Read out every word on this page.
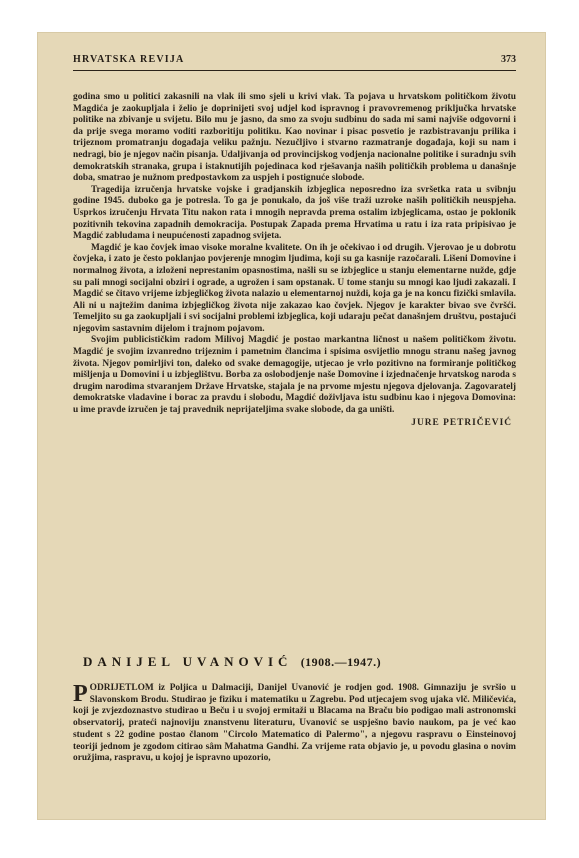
HRVATSKA REVIJA	373

godina smo u politici zakasnili na vlak ili smo sjeli u krivi vlak. Ta pojava u hrvatskom političkom životu Magdića je zaokupljala i želio je doprinijeti svoj udjel kod ispravnog i pravovremenog priključka hrvatske politike na zbivanje u svijetu. Bilo mu je jasno, da smo za svoju sudbinu do sada mi sami najviše odgovorni i da prije svega moramo voditi razboritiju politiku. Kao novinar i pisac posvetio je razbistravanju prilika i trijeznom promatranju događaja veliku pažnju. Nezučljivo i stvarno razmatranje događaja, koji su nam i nedragi, bio je njegov način pisanja. Udaljivanja od provincijskog vodjenja nacionalne politike i suradnju svih demokratskih stranaka, grupa i istaknutijih pojedinaca kod rješavanja naših političkih problema u današnje doba, smatrao je nužnom predpostavkom za uspjeh i postignuće slobode.

Tragedija izručenja hrvatske vojske i gradjanskih izbjeglica neposredno iza svršetka rata u svibnju godine 1945. duboko ga je potresla. To ga je ponukalo, da još više traži uzroke naših političkih neuspjeha. Usprkos izručenju Hrvata Titu nakon rata i mnogih nepravda prema ostalim izbjeglicama, ostao je poklonik pozitivnih tekovina zapadnih demokracija. Postupak Zapada prema Hrvatima u ratu i iza rata pripisivao je Magdić zabludama i neupućenosti zapadnog svijeta.

Magdić je kao čovjek imao visoke moralne kvalitete. On ih je očekivao i od drugih. Vjerovao je u dobrotu čovjeka, i zato je često poklanjao povjerenje mnogim ljudima, koji su ga kasnije razočarali. Lišeni Domovine i normalnog života, a izloženi neprestanim opasnostima, našli su se izbjeglice u stanju elementarne nužde, gdje su pali mnogi socijalni obziri i ograde, a ugrožen i sam opstanak. U tome stanju su mnogi kao ljudi zakazali. I Magdić se čitavo vrijeme izbjegličkog života nalazio u elementarnoj nuždi, koja ga je na koncu fizički smlavila. Ali ni u najtežim danima izbjegličkog života nije zakazao kao čovjek. Njegov je karakter bivao sve čvršći. Temeljito su ga zaokupljali i svi socijalni problemi izbjeglica, koji udaraju pečat današnjem društvu, postajući njegovim sastavnim dijelom i trajnom pojavom.

Svojim publicističkim radom Milivoj Magdić je postao markantna ličnost u našem političkom životu. Magdić je svojim izvanredno trijeznim i pametnim člancima i spisima osvijetlio mnogu stranu našeg javnog života. Njegov pomirljivi ton, daleko od svake demagogije, utjecao je vrlo pozitivno na formiranje političkog mišljenja u Domovini i u izbjeglištvu. Borba za oslobodjenje naše Domovine i izjednačenje hrvatskog naroda s drugim narodima stvaranjem Države Hrvatske, stajala je na prvome mjestu njegova djelovanja. Zagovaratelj demokratske vladavine i borac za pravdu i slobodu, Magdić doživljava istu sudbinu kao i njegova Domovina: u ime pravde izručen je taj pravednik neprijateljima svake slobode, da ga uništi.

JURE PETRIČEVIĆ
DANIJEL UVANOVIĆ (1908.—1947.)

P ODRIJETLOM iz Poljica u Dalmaciji, Danijel Uvanović je rodjen god. 1908. Gimnaziju je svršio u Slavonskom Brodu. Studirao je fiziku i matematiku u Zagrebu. Pod utjecajem svog ujaka vlč. Miličevića, koji je zvjezdoznastvo studirao u Beču i u svojoj ermitaži u Blacama na Braču bio podigao mali astronomski observatorij, prateći najnoviju znanstvenu literaturu, Uvanović se uspješno bavio naukom, pa je već kao student s 22 godine postao članom "Circolo Matematico di Palermo", a njegovu raspravu o Einsteinovoj teoriji jednom je zgodom citirao sâm Mahatma Gandhi. Za vrijeme rata objavio je, u povodu glasina o novim oružjima, raspravu, u kojoj je ispravno upozorio,
